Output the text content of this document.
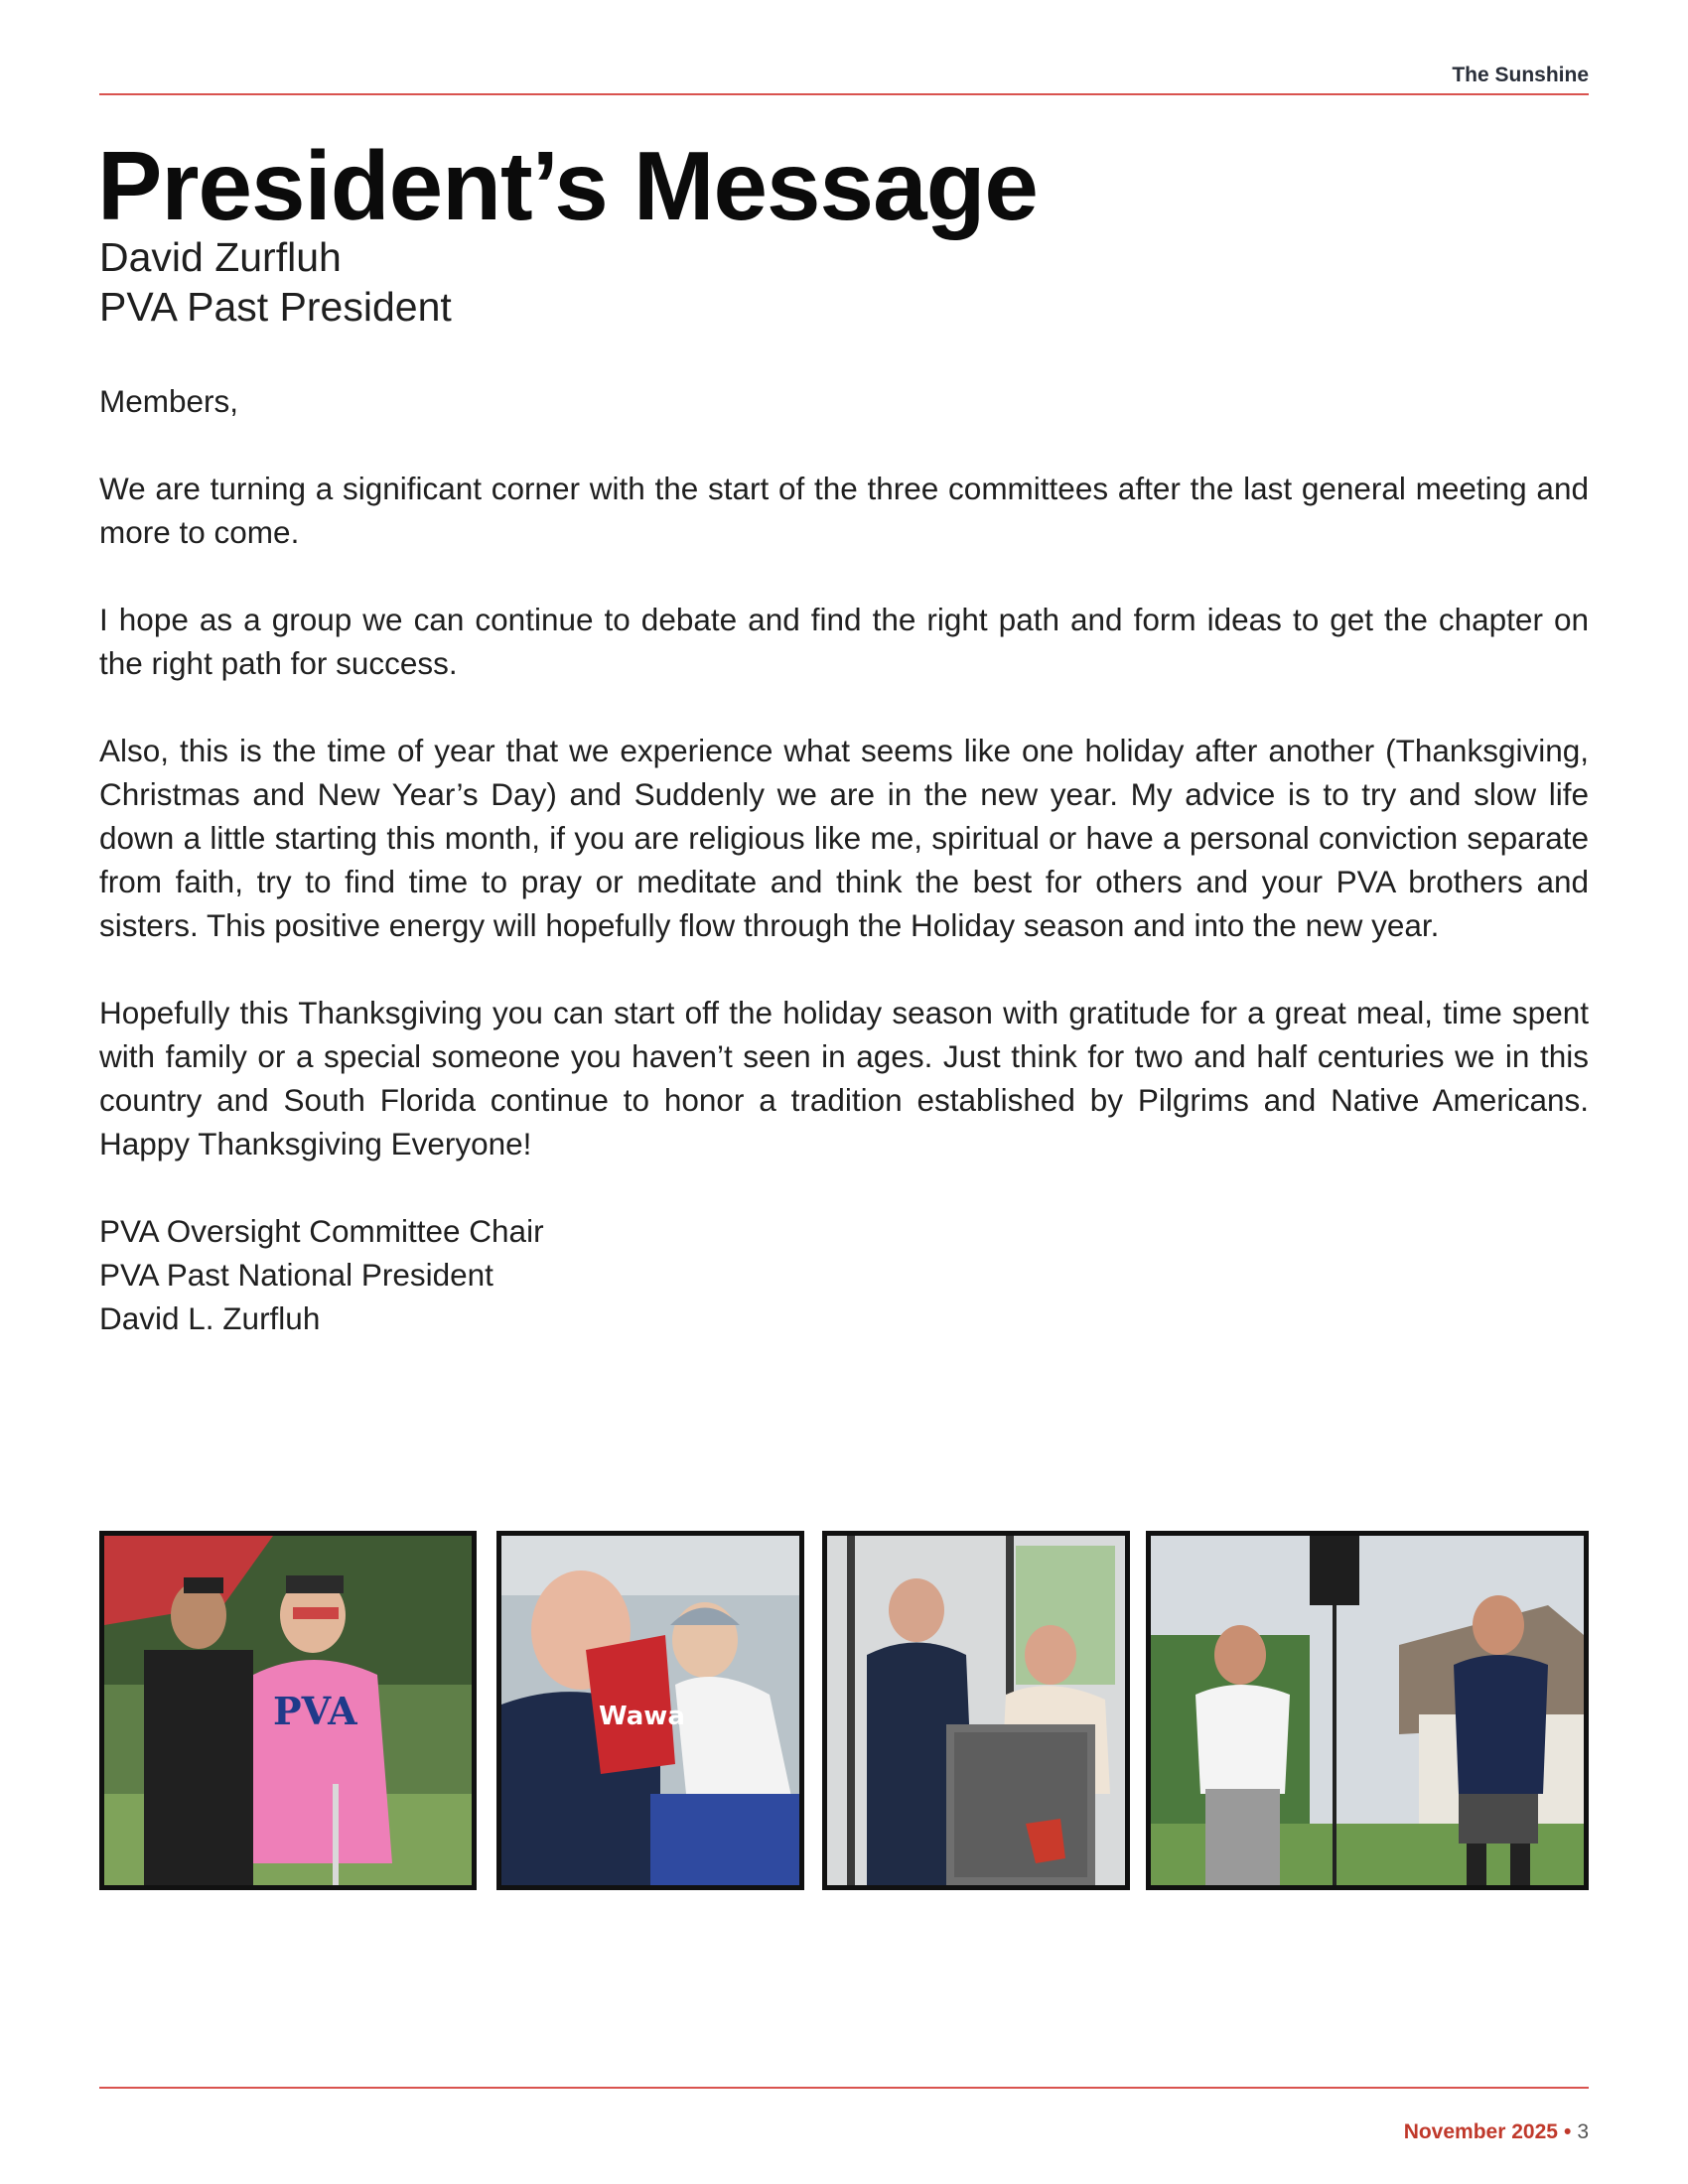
The Sunshine
President’s Message
David Zurfluh
PVA Past President

Members,

We are turning a significant corner with the start of the three committees after the last general meeting and more to come.

I hope as a group we can continue to debate and find the right path and form ideas to get the chapter on the right path for success.

Also, this is the time of year that we experience what seems like one holiday after another (Thanksgiving, Christmas and New Year’s Day) and Suddenly we are in the new year. My advice is to try and slow life down a little starting this month, if you are religious like me, spiritual or have a personal conviction separate from faith, try to find time to pray or meditate and think the best for others and your PVA brothers and sisters. This positive energy will hopefully flow through the Holiday season and into the new year.

Hopefully this Thanksgiving you can start off the holiday season with gratitude for a great meal, time spent with family or a special someone you haven’t seen in ages. Just think for two and half centuries we in this country and South Florida continue to honor a tradition established by Pilgrims and Native Americans. Happy Thanksgiving Everyone!

PVA Oversight Committee Chair
PVA Past National President
David L. Zurfluh
PVA	Wawa
November 2025 • 3
